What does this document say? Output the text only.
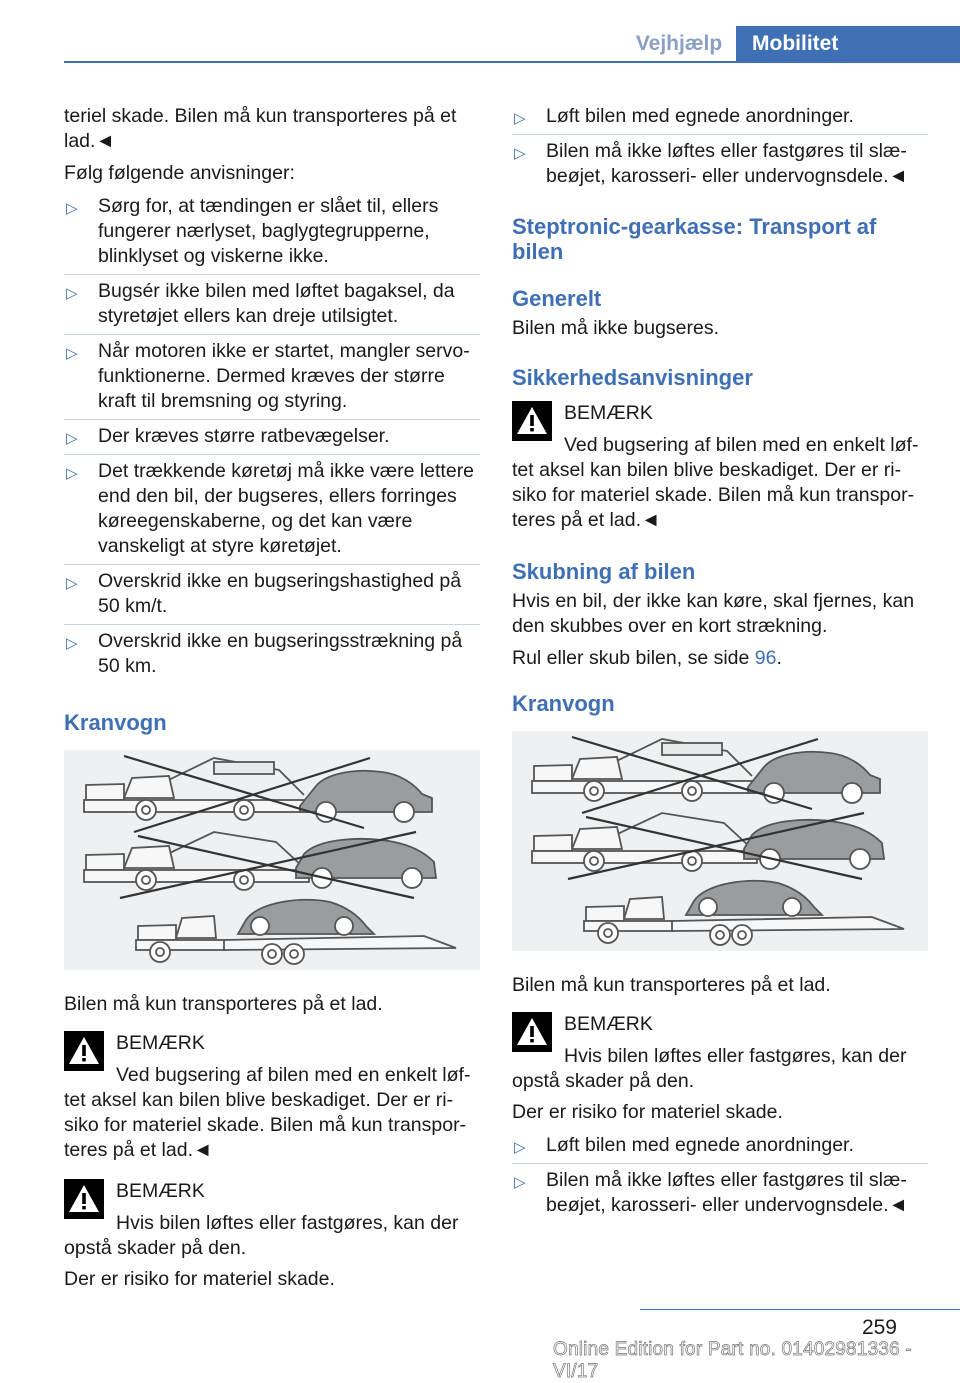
Vejhjælp	Mobilitet

teriel skade. Bilen må kun transporteres på et lad.◄

Følg følgende anvisninger:

▷ Sørg for, at tændingen er slået til, ellers fungerer nærlyset, baglygtegrupperne, blinklyset og viskerne ikke.
▷ Bugsér ikke bilen med løftet bagaksel, da styretøjet ellers kan dreje utilsigtet.
▷ Når motoren ikke er startet, mangler servofunktionerne. Dermed kræves der større kraft til bremsning og styring.
▷ Der kræves større ratbevægelser.
▷ Det trækkende køretøj må ikke være lettere end den bil, der bugseres, ellers forringes køreegenskaberne, og det kan være vanskeligt at styre køretøjet.
▷ Overskrid ikke en bugseringshastighed på 50 km/t.
▷ Overskrid ikke en bugseringsstrækning på 50 km.
Kranvogn

Bilen må kun transporteres på et lad.

BEMÆRK
Ved bugsering af bilen med en enkelt løftet aksel kan bilen blive beskadiget. Der er risiko for materiel skade. Bilen må kun transporteres på et lad.◄
BEMÆRK
Hvis bilen løftes eller fastgøres, kan der opstå skader på den.

Der er risiko for materiel skade.

▷ Løft bilen med egnede anordninger.
▷ Bilen må ikke løftes eller fastgøres til slæbeøjet, karosseri- eller undervognsdele.◄
Steptronic-gearkasse: Transport af bilen
Generelt

Bilen må ikke bugseres.

Sikkerhedsanvisninger
BEMÆRK
Ved bugsering af bilen med en enkelt løftet aksel kan bilen blive beskadiget. Der er risiko for materiel skade. Bilen må kun transporteres på et lad.◄
Skubning af bilen

Hvis en bil, der ikke kan køre, skal fjernes, kan den skubbes over en kort strækning.

Rul eller skub bilen, se side 96.

Kranvogn

Bilen må kun transporteres på et lad.

BEMÆRK
Hvis bilen løftes eller fastgøres, kan der opstå skader på den.

Der er risiko for materiel skade.

▷ Løft bilen med egnede anordninger.
▷ Bilen må ikke løftes eller fastgøres til slæbeøjet, karosseri- eller undervognsdele.◄
259
Online Edition for Part no. 01402981336 - VI/17
